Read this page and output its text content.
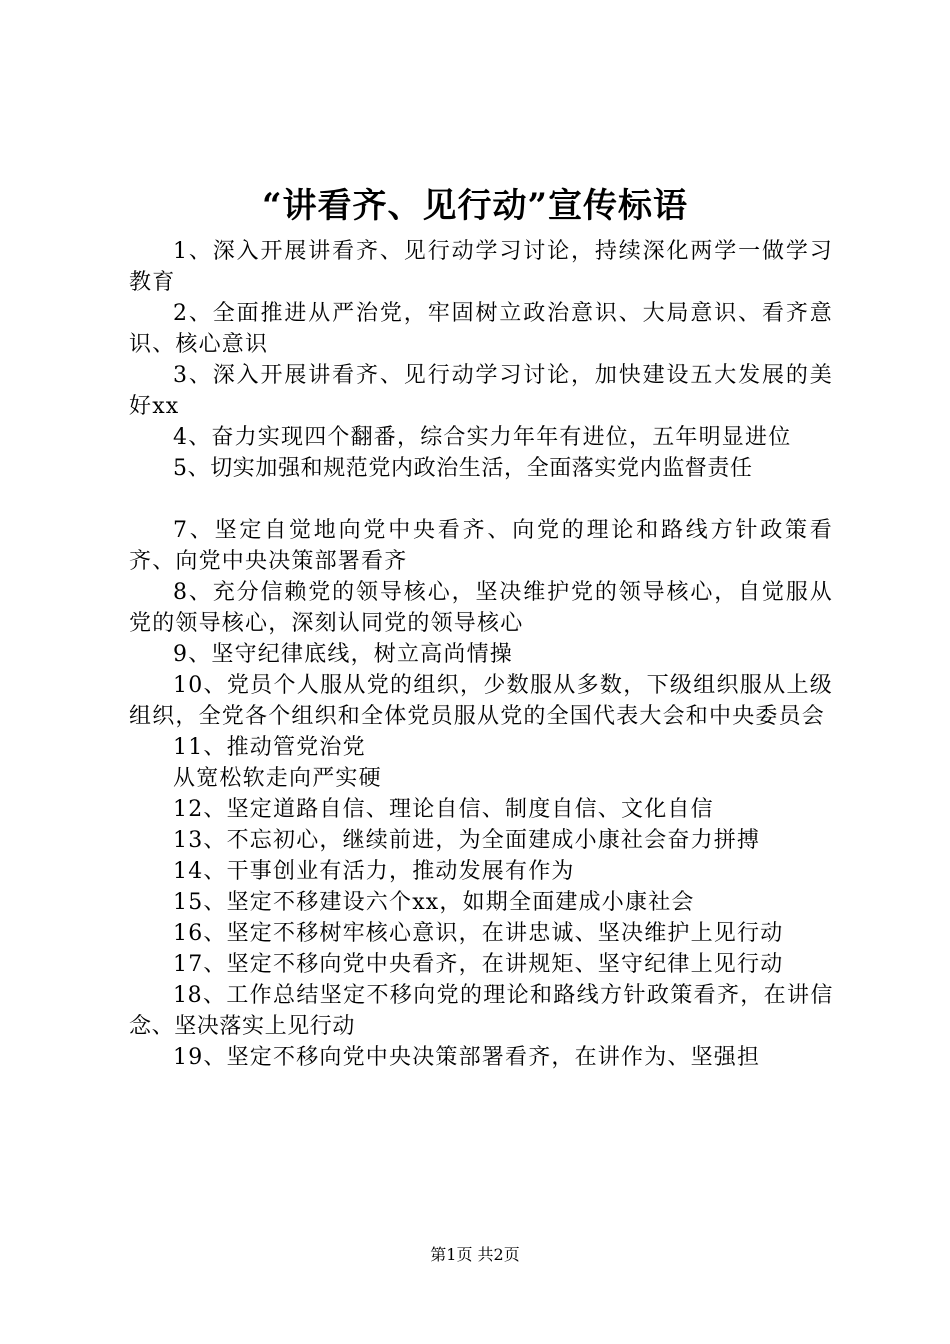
“讲看齐、见行动”宣传标语

1、深入开展讲看齐、见行动学习讨论，持续深化两学一做学习教育

2、全面推进从严治党，牢固树立政治意识、大局意识、看齐意识、核心意识

3、深入开展讲看齐、见行动学习讨论，加快建设五大发展的美好xx

4、奋力实现四个翻番，综合实力年年有进位，五年明显进位

5、切实加强和规范党内政治生活，全面落实党内监督责任

7、坚定自觉地向党中央看齐、向党的理论和路线方针政策看齐、向党中央决策部署看齐

8、充分信赖党的领导核心，坚决维护党的领导核心，自觉服从党的领导核心，深刻认同党的领导核心

9、坚守纪律底线，树立高尚情操

10、党员个人服从党的组织，少数服从多数，下级组织服从上级组织，全党各个组织和全体党员服从党的全国代表大会和中央委员会

11、推动管党治党

从宽松软走向严实硬

12、坚定道路自信、理论自信、制度自信、文化自信

13、不忘初心，继续前进，为全面建成小康社会奋力拼搏

14、干事创业有活力，推动发展有作为

15、坚定不移建设六个xx，如期全面建成小康社会

16、坚定不移树牢核心意识，在讲忠诚、坚决维护上见行动

17、坚定不移向党中央看齐，在讲规矩、坚守纪律上见行动

18、工作总结坚定不移向党的理论和路线方针政策看齐，在讲信念、坚决落实上见行动

19、坚定不移向党中央决策部署看齐，在讲作为、坚强担

第1页 共2页
